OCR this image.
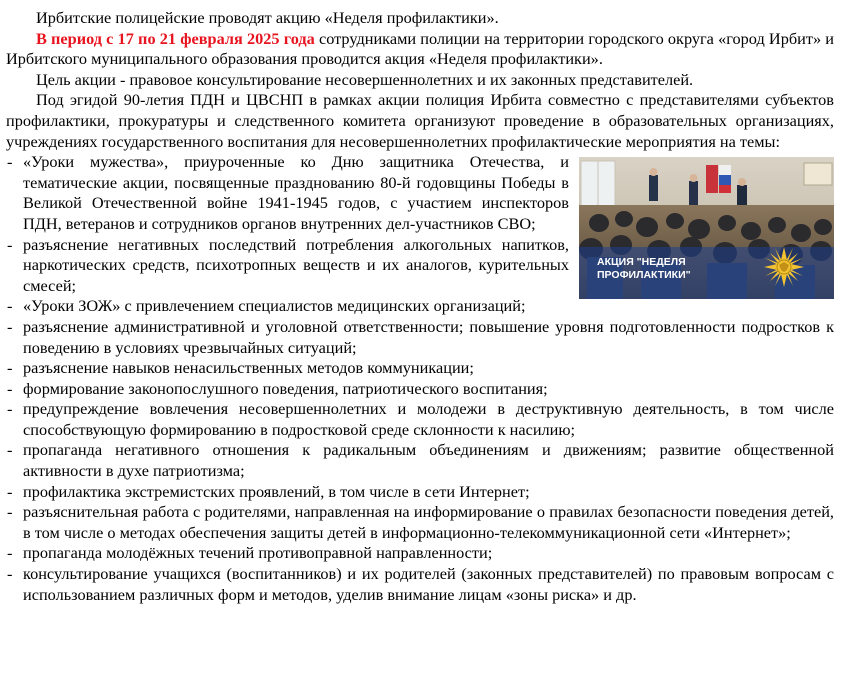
Ирбитские полицейские проводят акцию «Неделя профилактики».

В период с 17 по 21 февраля 2025 года сотрудниками полиции на территории городского округа «город Ирбит» и Ирбитского муниципального образования проводится акция «Неделя профилактики».

Цель акции - правовое консультирование несовершеннолетних и их законных представителей.

Под эгидой 90-летия ПДН и ЦВСНП в рамках акции полиция Ирбита совместно с представителями субъектов профилактики, прокуратуры и следственного комитета организуют проведение в образовательных организациях, учреждениях государственного воспитания для несовершеннолетних профилактические мероприятия на темы:

АКЦИЯ "НЕДЕЛЯ
ПРОФИЛАКТИКИ"
- «Уроки мужества», приуроченные ко Дню защитника Отечества, и тематические акции, посвященные празднованию 80-й годовщины Победы в Великой Отечественной войне 1941-1945 годов, с участием инспекторов ПДН, ветеранов и сотрудников органов внутренних дел-участников СВО;
- разъяснение негативных последствий потребления алкогольных напитков, наркотических средств, психотропных веществ и их аналогов, курительных смесей;
- «Уроки ЗОЖ» с привлечением специалистов медицинских организаций;
- разъяснение административной и уголовной ответственности; повышение уровня подготовленности подростков к поведению в условиях чрезвычайных ситуаций;
- разъяснение навыков ненасильственных методов коммуникации;
- формирование законопослушного поведения, патриотического воспитания;
- предупреждение вовлечения несовершеннолетних и молодежи в деструктивную деятельность, в том числе способствующую формированию в подростковой среде склонности к насилию;
- пропаганда негативного отношения к радикальным объединениям и движениям; развитие общественной активности в духе патриотизма;
- профилактика экстремистских проявлений, в том числе в сети Интернет;
- разъяснительная работа с родителями, направленная на информирование о правилах безопасности поведения детей, в том числе о методах обеспечения защиты детей в информационно-телекоммуникационной сети «Интернет»;
- пропаганда молодёжных течений противоправной направленности;
- консультирование учащихся (воспитанников) и их родителей (законных представителей) по правовым вопросам с использованием различных форм и методов, уделив внимание лицам «зоны риска» и др.
